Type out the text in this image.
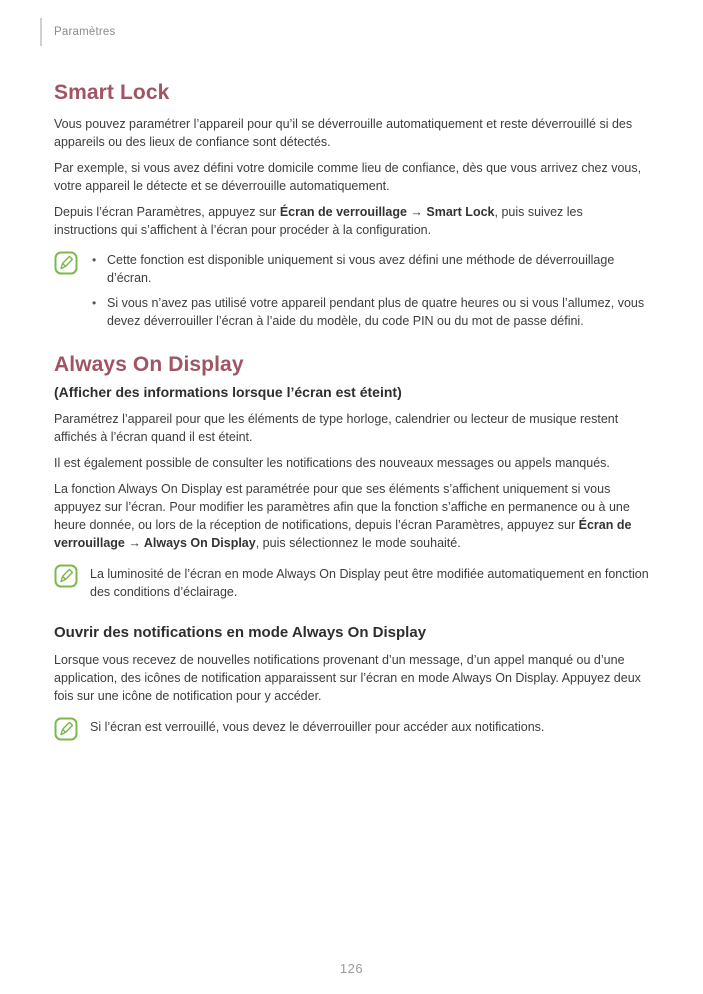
Paramètres
Smart Lock

Vous pouvez paramétrer l’appareil pour qu’il se déverrouille automatiquement et reste déverrouillé si des appareils ou des lieux de confiance sont détectés.

Par exemple, si vous avez défini votre domicile comme lieu de confiance, dès que vous arrivez chez vous, votre appareil le détecte et se déverrouille automatiquement.

Depuis l’écran Paramètres, appuyez sur Écran de verrouillage → Smart Lock, puis suivez les instructions qui s’affichent à l’écran pour procéder à la configuration.

• Cette fonction est disponible uniquement si vous avez défini une méthode de déverrouillage d’écran.
• Si vous n’avez pas utilisé votre appareil pendant plus de quatre heures ou si vous l’allumez, vous devez déverrouiller l’écran à l’aide du modèle, du code PIN ou du mot de passe défini.
Always On Display
(Afficher des informations lorsque l’écran est éteint)

Paramétrez l’appareil pour que les éléments de type horloge, calendrier ou lecteur de musique restent affichés à l’écran quand il est éteint.

Il est également possible de consulter les notifications des nouveaux messages ou appels manqués.

La fonction Always On Display est paramétrée pour que ses éléments s’affichent uniquement si vous appuyez sur l’écran. Pour modifier les paramètres afin que la fonction s’affiche en permanence ou à une heure donnée, ou lors de la réception de notifications, depuis l’écran Paramètres, appuyez sur Écran de verrouillage → Always On Display, puis sélectionnez le mode souhaité.

La luminosité de l’écran en mode Always On Display peut être modifiée automatiquement en fonction des conditions d’éclairage.

Ouvrir des notifications en mode Always On Display

Lorsque vous recevez de nouvelles notifications provenant d’un message, d’un appel manqué ou d’une application, des icônes de notification apparaissent sur l’écran en mode Always On Display. Appuyez deux fois sur une icône de notification pour y accéder.

Si l’écran est verrouillé, vous devez le déverrouiller pour accéder aux notifications.

126
